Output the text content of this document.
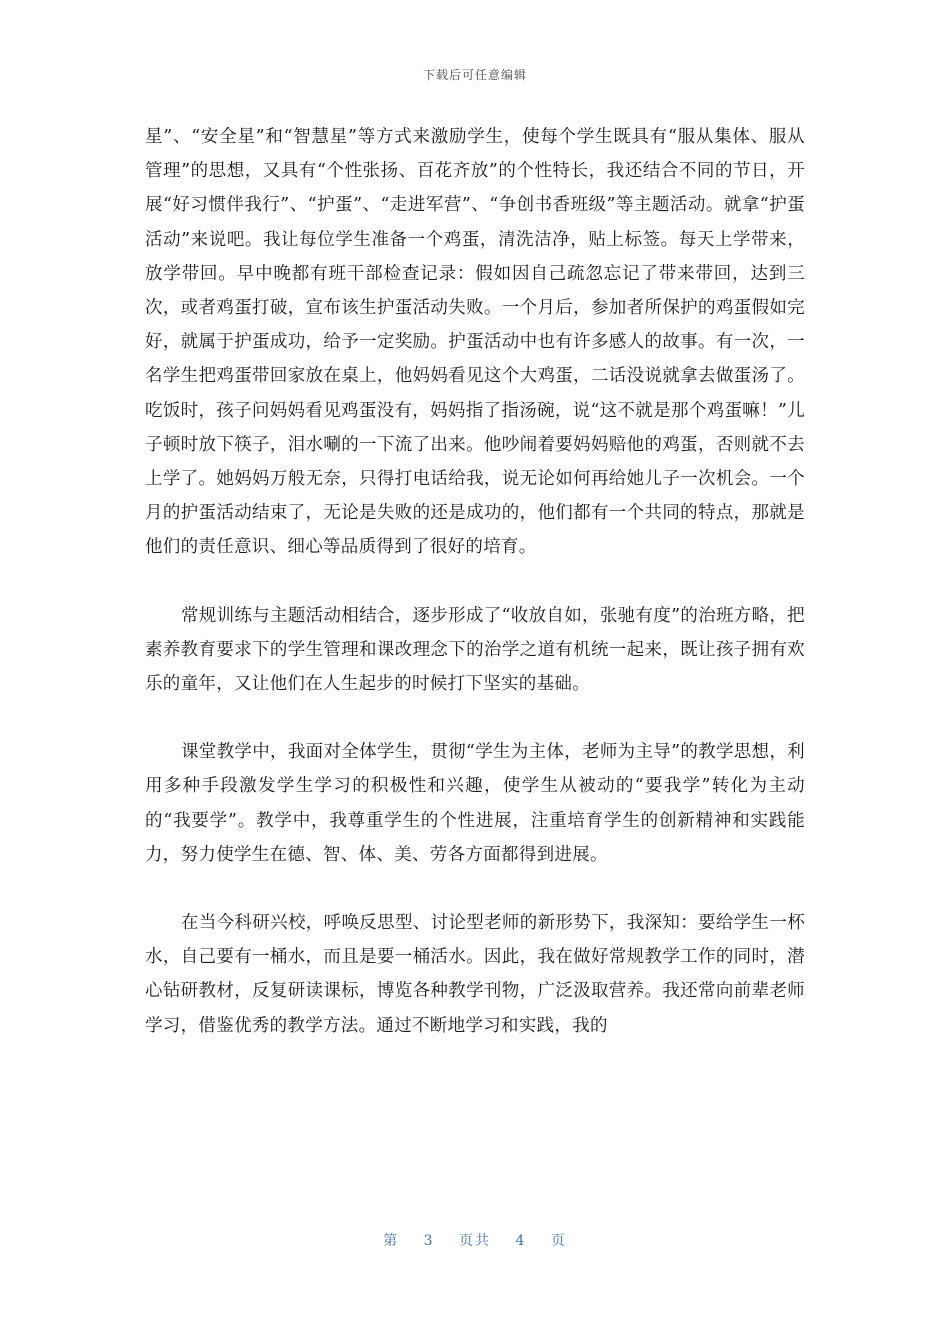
下载后可任意编辑

星”、“安全星”和“智慧星”等方式来激励学生，使每个学生既具有“服从集体、服从管理”的思想，又具有“个性张扬、百花齐放”的个性特长，我还结合不同的节日，开展“好习惯伴我行”、“护蛋”、“走进军营”、“争创书香班级”等主题活动。就拿“护蛋活动”来说吧。我让每位学生准备一个鸡蛋，清洗洁净，贴上标签。每天上学带来，放学带回。早中晚都有班干部检查记录：假如因自己疏忽忘记了带来带回，达到三次，或者鸡蛋打破，宣布该生护蛋活动失败。一个月后，参加者所保护的鸡蛋假如完好，就属于护蛋成功，给予一定奖励。护蛋活动中也有许多感人的故事。有一次，一名学生把鸡蛋带回家放在桌上，他妈妈看见这个大鸡蛋，二话没说就拿去做蛋汤了。吃饭时，孩子问妈妈看见鸡蛋没有，妈妈指了指汤碗，说“这不就是那个鸡蛋嘛！”儿子顿时放下筷子，泪水唰的一下流了出来。他吵闹着要妈妈赔他的鸡蛋，否则就不去上学了。她妈妈万般无奈，只得打电话给我，说无论如何再给她儿子一次机会。一个月的护蛋活动结束了，无论是失败的还是成功的，他们都有一个共同的特点，那就是他们的责任意识、细心等品质得到了很好的培育。

常规训练与主题活动相结合，逐步形成了“收放自如，张驰有度”的治班方略，把素养教育要求下的学生管理和课改理念下的治学之道有机统一起来，既让孩子拥有欢乐的童年，又让他们在人生起步的时候打下坚实的基础。

课堂教学中，我面对全体学生，贯彻“学生为主体，老师为主导”的教学思想，利用多种手段激发学生学习的积极性和兴趣，使学生从被动的“要我学”转化为主动的“我要学”。教学中，我尊重学生的个性进展，注重培育学生的创新精神和实践能力，努力使学生在德、智、体、美、劳各方面都得到进展。

在当今科研兴校，呼唤反思型、讨论型老师的新形势下，我深知：要给学生一杯水，自己要有一桶水，而且是要一桶活水。因此，我在做好常规教学工作的同时，潜心钻研教材，反复研读课标，博览各种教学刊物，广泛汲取营养。我还常向前辈老师学习，借鉴优秀的教学方法。通过不断地学习和实践，我的

第 3 页共 4 页
